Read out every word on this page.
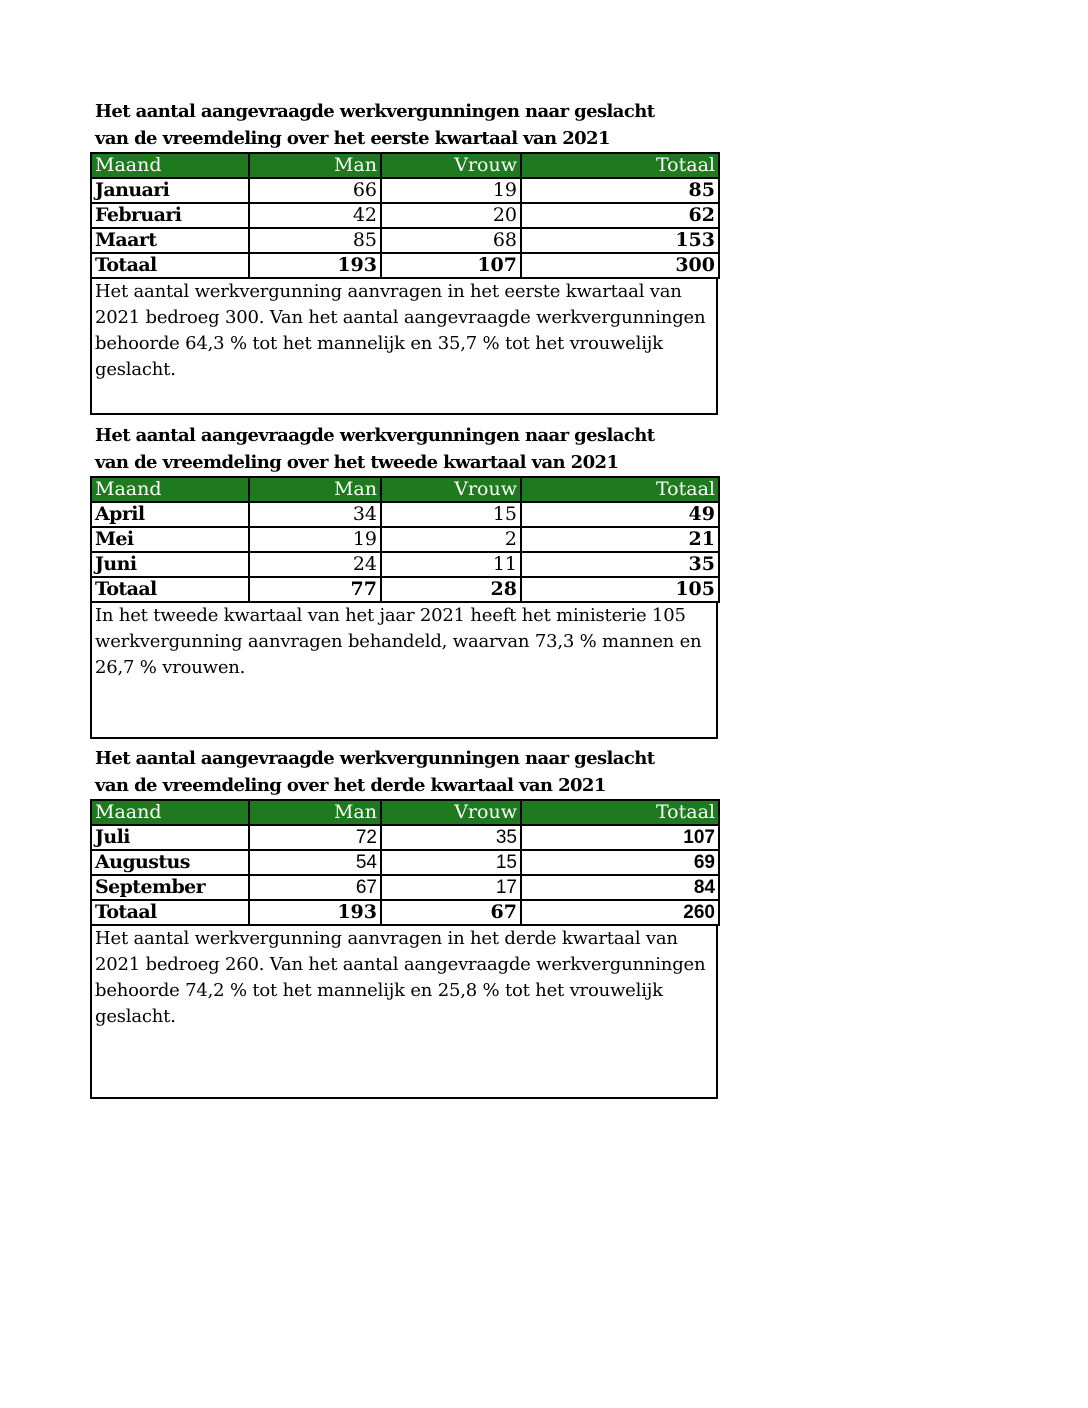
Het aantal aangevraagde werkvergunningen naar geslacht
van de vreemdeling over het eerste kwartaal van 2021
Maand	Man	Vrouw	Totaal
Januari	66	19	85
Februari	42	20	62
Maart	85	68	153
Totaal	193	107	300
Het aantal werkvergunning aanvragen in het eerste kwartaal van 2021 bedroeg 300. Van het aantal aangevraagde werkvergunningen behoorde 64,3 % tot het mannelijk en 35,7 % tot het vrouwelijk geslacht.
Het aantal aangevraagde werkvergunningen naar geslacht
van de vreemdeling over het tweede kwartaal van 2021
Maand	Man	Vrouw	Totaal
April	34	15	49
Mei	19	2	21
Juni	24	11	35
Totaal	77	28	105
In het tweede kwartaal van het jaar 2021 heeft het ministerie 105 werkvergunning aanvragen behandeld, waarvan 73,3 % mannen en 26,7 % vrouwen.
Het aantal aangevraagde werkvergunningen naar geslacht
van de vreemdeling over het derde kwartaal van 2021
Maand	Man	Vrouw	Totaal
Juli	72	35	107
Augustus	54	15	69
September	67	17	84
Totaal	193	67	260
Het aantal werkvergunning aanvragen in het derde kwartaal van 2021 bedroeg 260. Van het aantal aangevraagde werkvergunningen behoorde 74,2 % tot het mannelijk en 25,8 % tot het vrouwelijk geslacht.
